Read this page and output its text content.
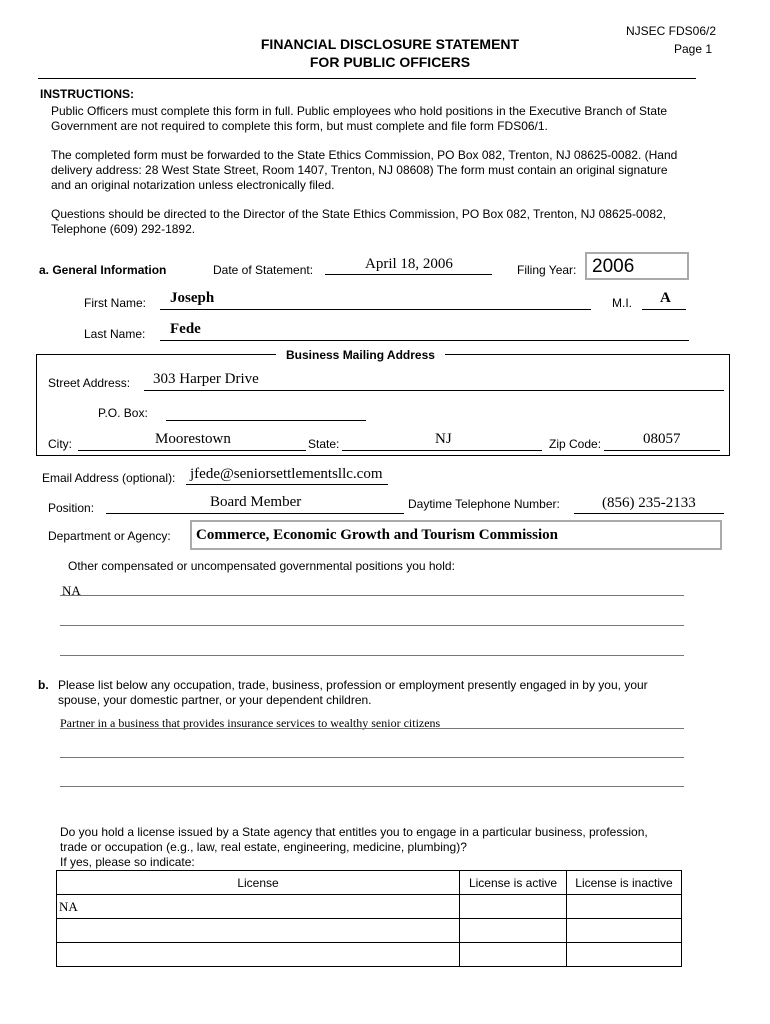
NJSEC FDS06/2
Page 1
FINANCIAL DISCLOSURE STATEMENT
FOR PUBLIC OFFICERS
INSTRUCTIONS:
Public Officers must complete this form in full. Public employees who hold positions in the Executive Branch of State
Government are not required to complete this form, but must complete and file form FDS06/1.
The completed form must be forwarded to the State Ethics Commission, PO Box 082, Trenton, NJ 08625-0082. (Hand
delivery address: 28 West State Street, Room 1407, Trenton, NJ 08608) The form must contain an original signature
and an original notarization unless electronically filed.
Questions should be directed to the Director of the State Ethics Commission, PO Box 082, Trenton, NJ 08625-0082,
Telephone (609) 292-1892.
a. General Information	Date of Statement:	April 18, 2006	Filing Year: 2006
First Name: Joseph	M.I. A
Last Name: Fede
Business Mailing Address
Street Address: 303 Harper Drive
P.O. Box:
City:	Moorestown	State:	NJ	Zip Code:	08057
Email Address (optional): jfede@seniorsettlementsllc.com
Position:	Board Member	Daytime Telephone Number:	(856) 235-2133
Department or Agency: Commerce, Economic Growth and Tourism Commission
Other compensated or uncompensated governmental positions you hold:
NA
b. Please list below any occupation, trade, business, profession or employment presently engaged in by you, your
spouse, your domestic partner, or your dependent children.
Partner in a business that provides insurance services to wealthy senior citizens
Do you hold a license issued by a State agency that entitles you to engage in a particular business, profession,
trade or occupation (e.g., law, real estate, engineering, medicine, plumbing)?
If yes, please so indicate:
License	License is active	License is inactive
NA		
